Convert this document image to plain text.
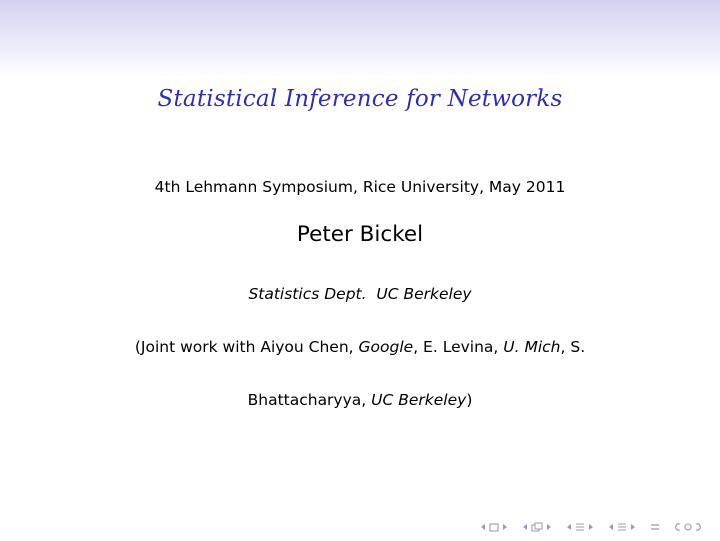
Statistical Inference for Networks
4th Lehmann Symposium, Rice University, May 2011
Peter Bickel
Statistics Dept.  UC Berkeley
(Joint work with Aiyou Chen, Google, E. Levina, U. Mich, S.
Bhattacharyya, UC Berkeley)
